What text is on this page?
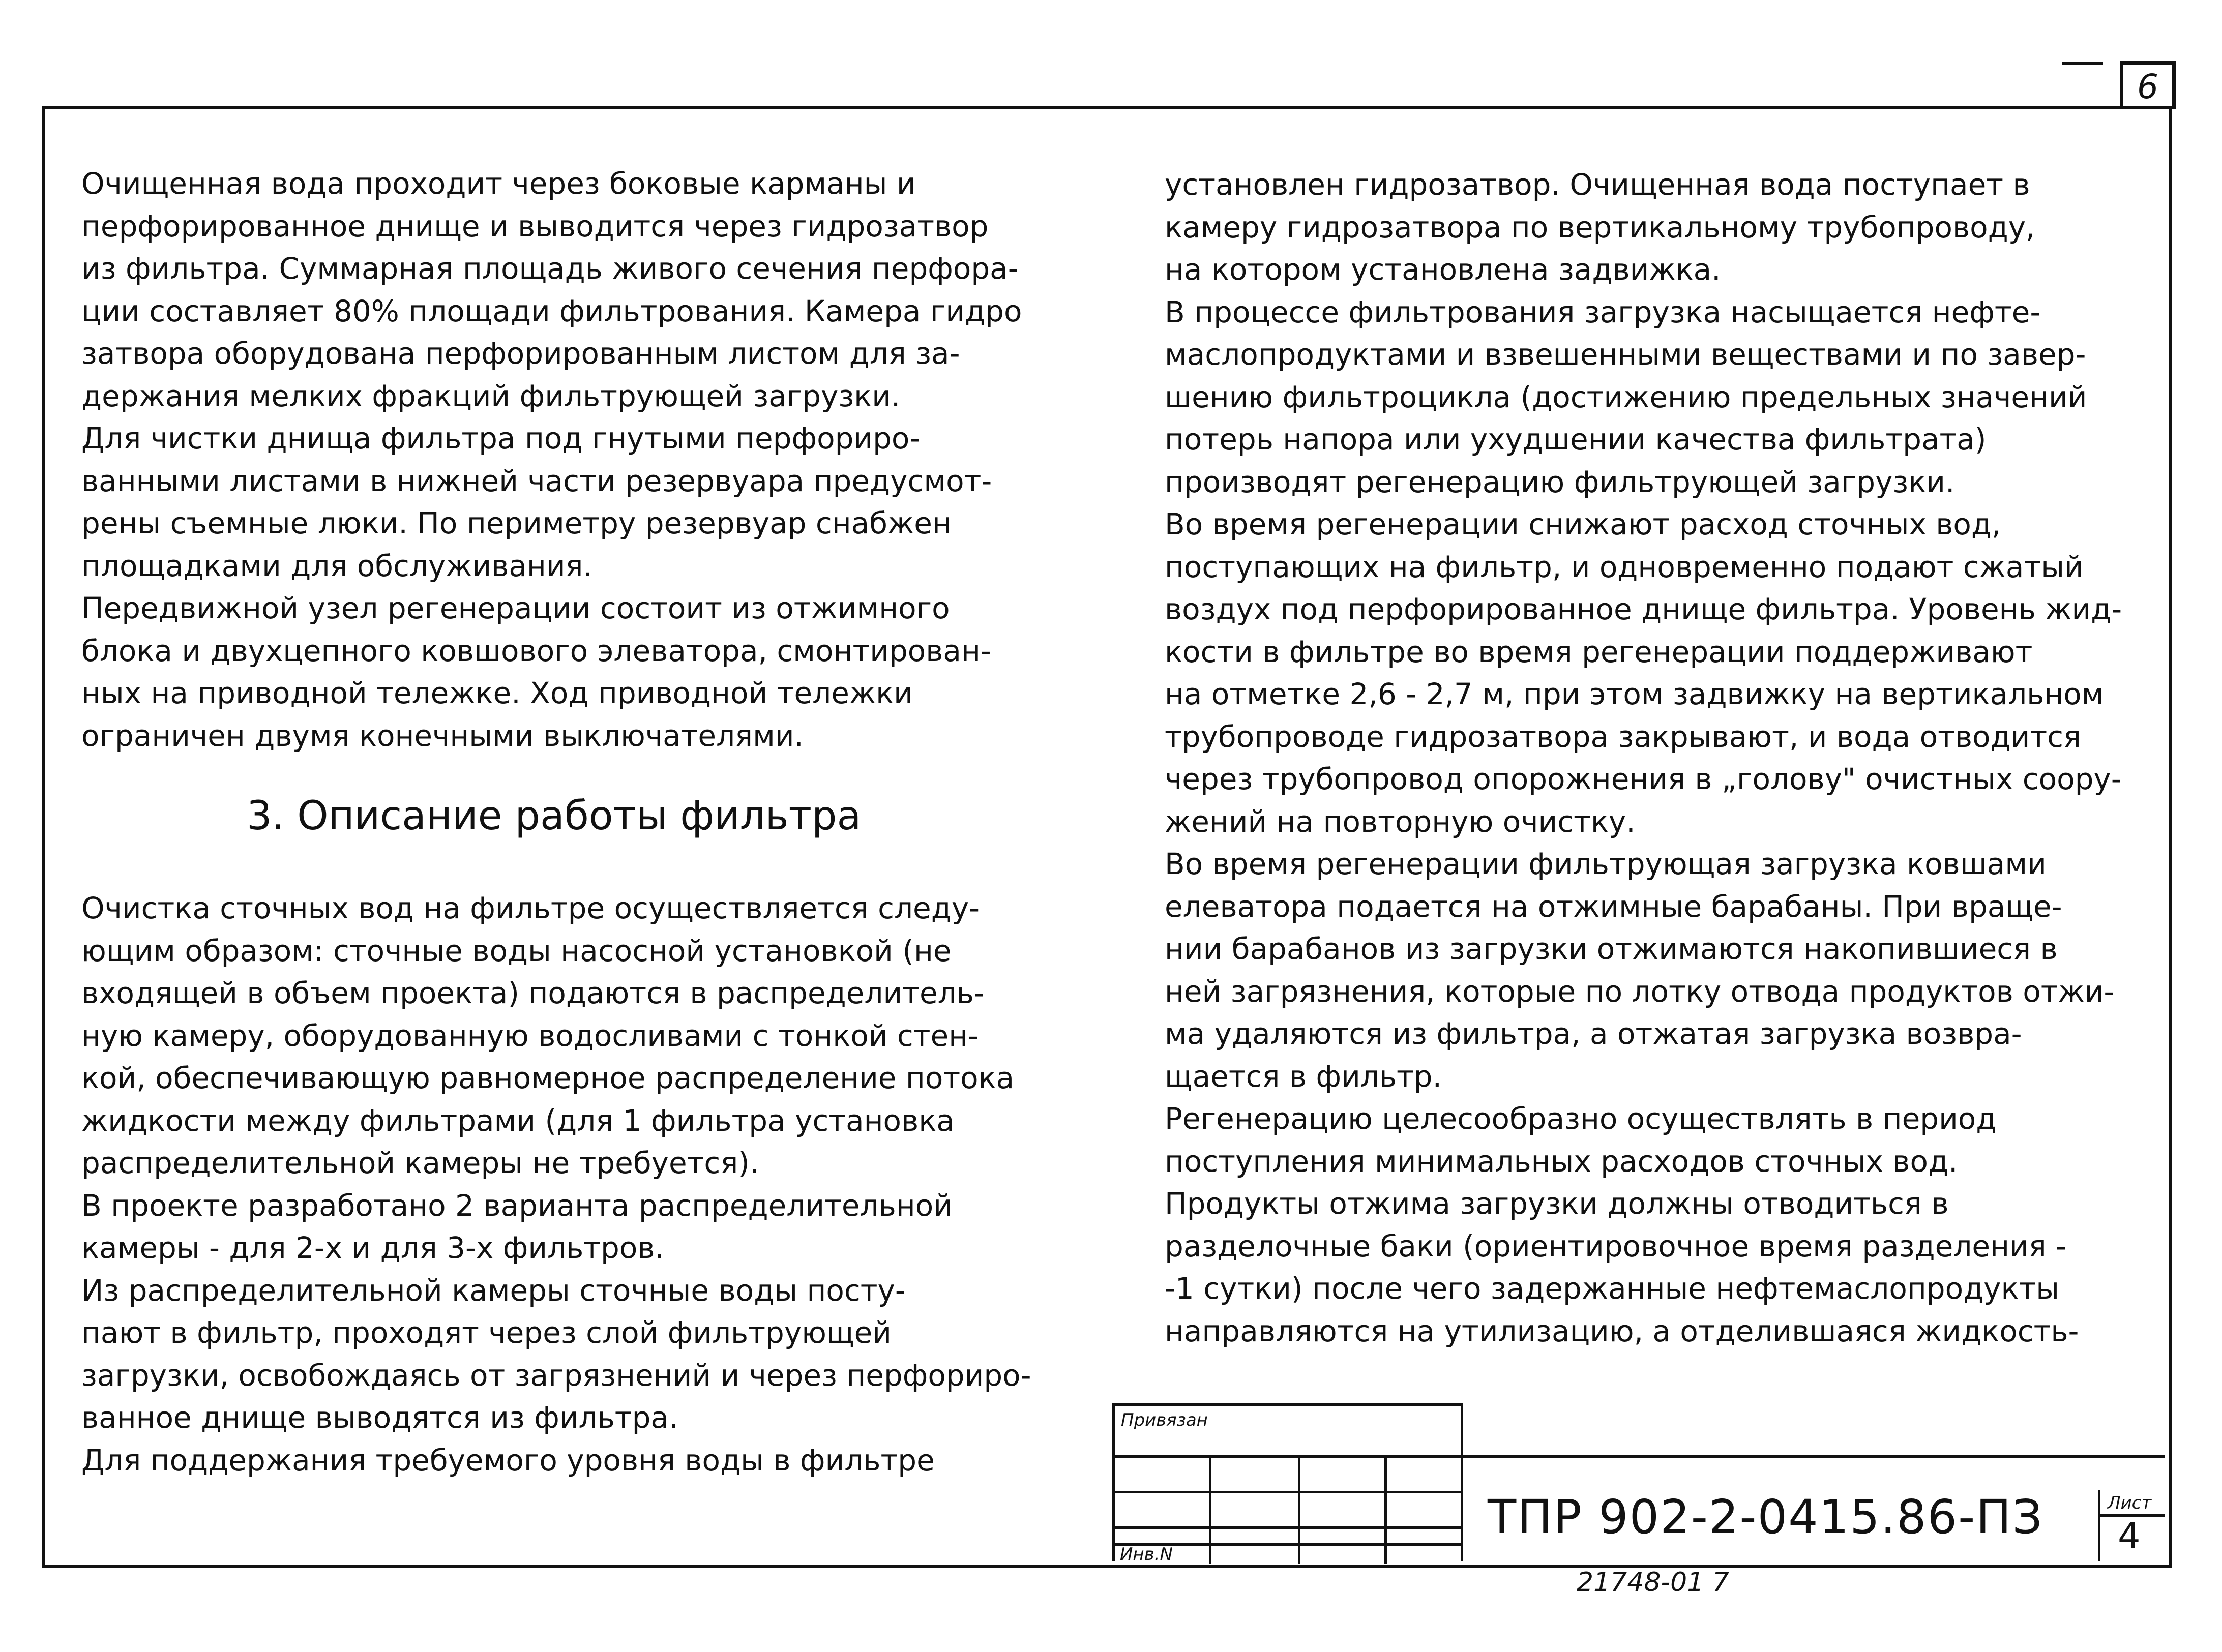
6

Очищенная вода проходит через боковые карманы и

перфорированное днище и выводится через гидрозатвор

из фильтра. Суммарная площадь живого сечения перфора-

ции составляет 80% площади фильтрования. Камера гидро

затвора оборудована перфорированным листом для за-

держания мелких фракций фильтрующей загрузки.

Для чистки днища фильтра под гнутыми перфориро-

ванными листами в нижней части резервуара предусмот-

рены съемные люки. По периметру резервуар снабжен

площадками для обслуживания.

Передвижной узел регенерации состоит из отжимного

блока и двухцепного ковшового элеватора, смонтирован-

ных на приводной тележке. Ход приводной тележки

ограничен двумя конечными выключателями.

3. Описание работы фильтра

Очистка сточных вод на фильтре осуществляется следу-

ющим образом: сточные воды насосной установкой (не

входящей в объем проекта) подаются в распределитель-

ную камеру, оборудованную водосливами с тонкой стен-

кой, обеспечивающую равномерное распределение потока

жидкости между фильтрами (для 1 фильтра установка

распределительной камеры не требуется).

В проекте разработано 2 варианта распределительной

камеры - для 2-х и для 3-х фильтров.

Из распределительной камеры сточные воды посту-

пают в фильтр, проходят через слой фильтрующей

загрузки, освобождаясь от загрязнений и через перфориро-

ванное днище выводятся из фильтра.

Для поддержания требуемого уровня воды в фильтре

установлен гидрозатвор. Очищенная вода поступает в

камеру гидрозатвора по вертикальному трубопроводу,

на котором установлена задвижка.

В процессе фильтрования загрузка насыщается нефте-

маслопродуктами и взвешенными веществами и по завер-

шению фильтроцикла (достижению предельных значений

потерь напора или ухудшении качества фильтрата)

производят регенерацию фильтрующей загрузки.

Во время регенерации снижают расход сточных вод,

поступающих на фильтр, и одновременно подают сжатый

воздух под перфорированное днище фильтра. Уровень жид-

кости в фильтре во время регенерации поддерживают

на отметке 2,6 - 2,7 м, при этом задвижку на вертикальном

трубопроводе гидрозатвора закрывают, и вода отводится

через трубопровод опорожнения в „голову" очистных соору-

жений на повторную очистку.

Во время регенерации фильтрующая загрузка ковшами

елеватора подается на отжимные барабаны. При враще-

нии барабанов из загрузки отжимаются накопившиеся в

ней загрязнения, которые по лотку отвода продуктов отжи-

ма удаляются из фильтра, а отжатая загрузка возвра-

щается в фильтр.

Регенерацию целесообразно осуществлять в период

поступления минимальных расходов сточных вод.

Продукты отжима загрузки должны отводиться в

разделочные баки (ориентировочное время разделения -

-1 сутки) после чего задержанные нефтемаслопродукты

направляются на утилизацию, а отделившаяся жидкость-

Привязан
Инв.N
ТПР 902-2-0415.86-ПЗ	Лист
4
21748-01 7
